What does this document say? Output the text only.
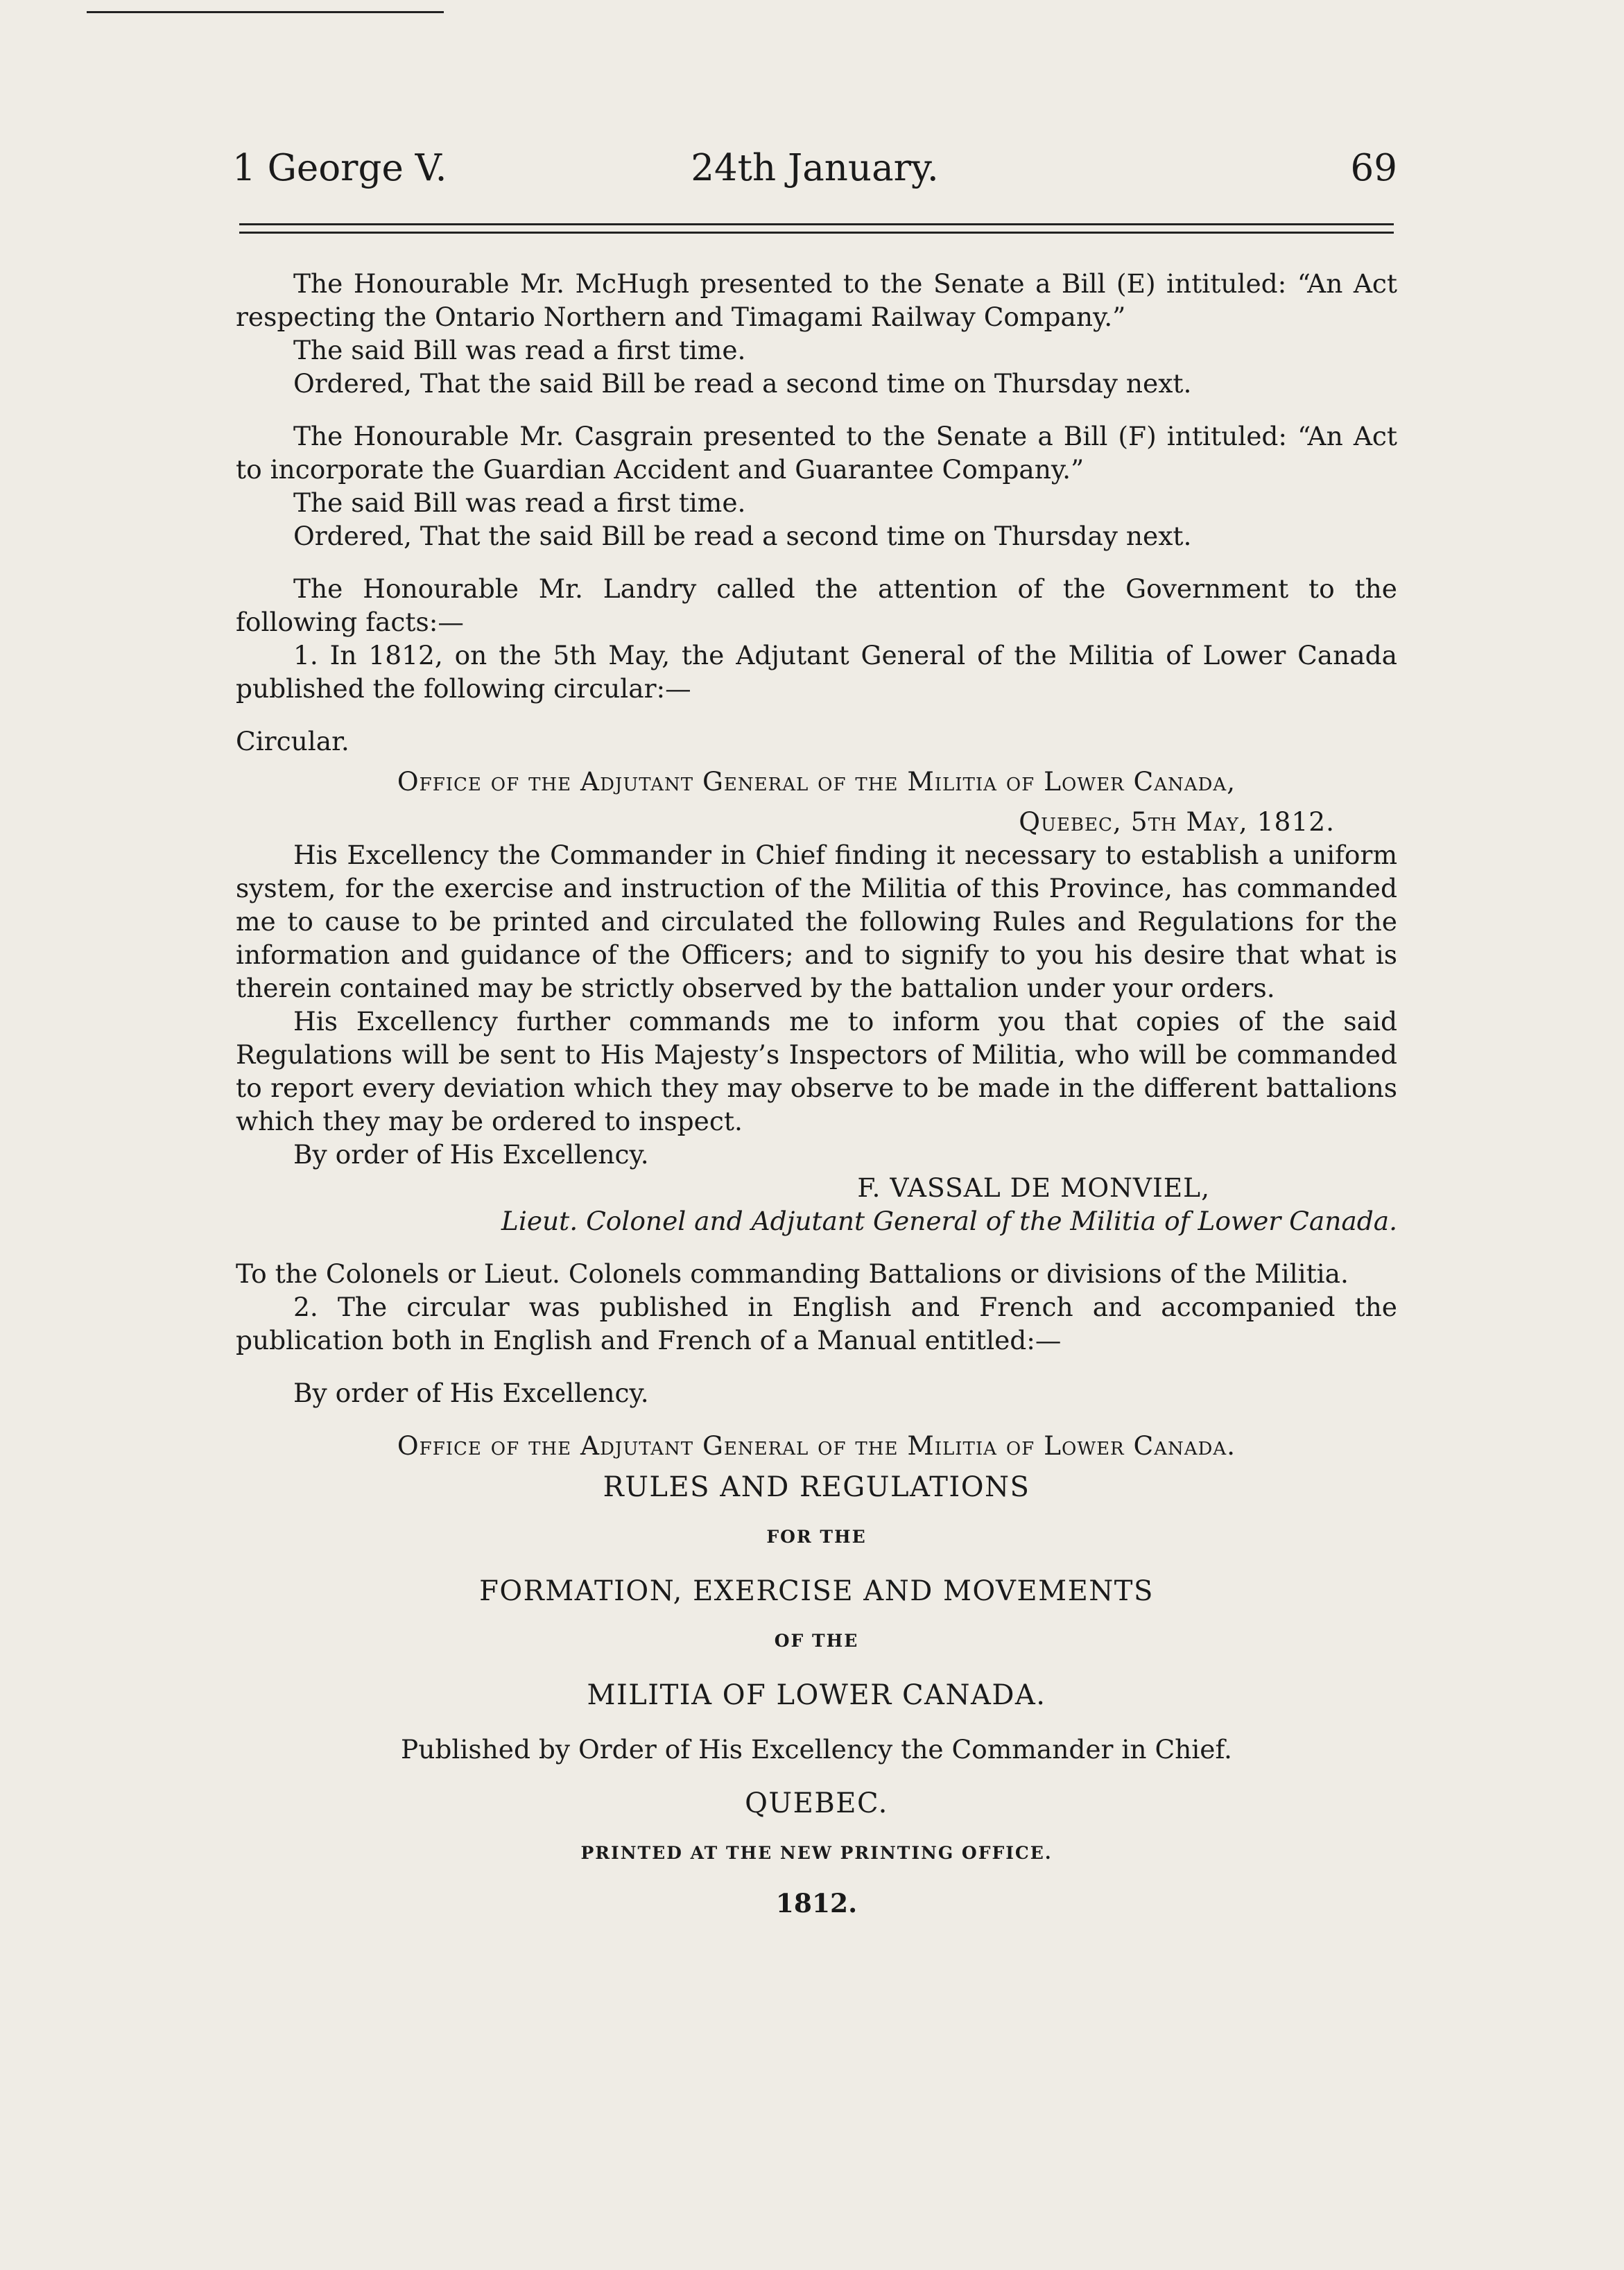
1 George V.	24th January.	69

The Honourable Mr. McHugh presented to the Senate a Bill (E) intituled: “An Act respecting the Ontario Northern and Timagami Railway Company.”

The said Bill was read a first time.

Ordered, That the said Bill be read a second time on Thursday next.

The Honourable Mr. Casgrain presented to the Senate a Bill (F) intituled: “An Act to incorporate the Guardian Accident and Guarantee Company.”

The said Bill was read a first time.

Ordered, That the said Bill be read a second time on Thursday next.

The Honourable Mr. Landry called the attention of the Government to the following facts:—

1. In 1812, on the 5th May, the Adjutant General of the Militia of Lower Canada published the following circular:—

Circular.

Office of the Adjutant General of the Militia of Lower Canada,

Quebec, 5th May, 1812.

His Excellency the Commander in Chief finding it necessary to establish a uniform system, for the exercise and instruction of the Militia of this Province, has commanded me to cause to be printed and circulated the following Rules and Regulations for the information and guidance of the Officers; and to signify to you his desire that what is therein contained may be strictly observed by the battalion under your orders.

His Excellency further commands me to inform you that copies of the said Regulations will be sent to His Majesty’s Inspectors of Militia, who will be commanded to report every deviation which they may observe to be made in the different battalions which they may be ordered to inspect.

By order of His Excellency.

F. VASSAL DE MONVIEL,

Lieut. Colonel and Adjutant General of the Militia of Lower Canada.

To the Colonels or Lieut. Colonels commanding Battalions or divisions of the Militia.

2. The circular was published in English and French and accompanied the publication both in English and French of a Manual entitled:—

By order of His Excellency.

Office of the Adjutant General of the Militia of Lower Canada.

RULES AND REGULATIONS

FOR THE

FORMATION, EXERCISE AND MOVEMENTS

OF THE

MILITIA OF LOWER CANADA.

Published by Order of His Excellency the Commander in Chief.

QUEBEC.

PRINTED AT THE NEW PRINTING OFFICE.

1812.
